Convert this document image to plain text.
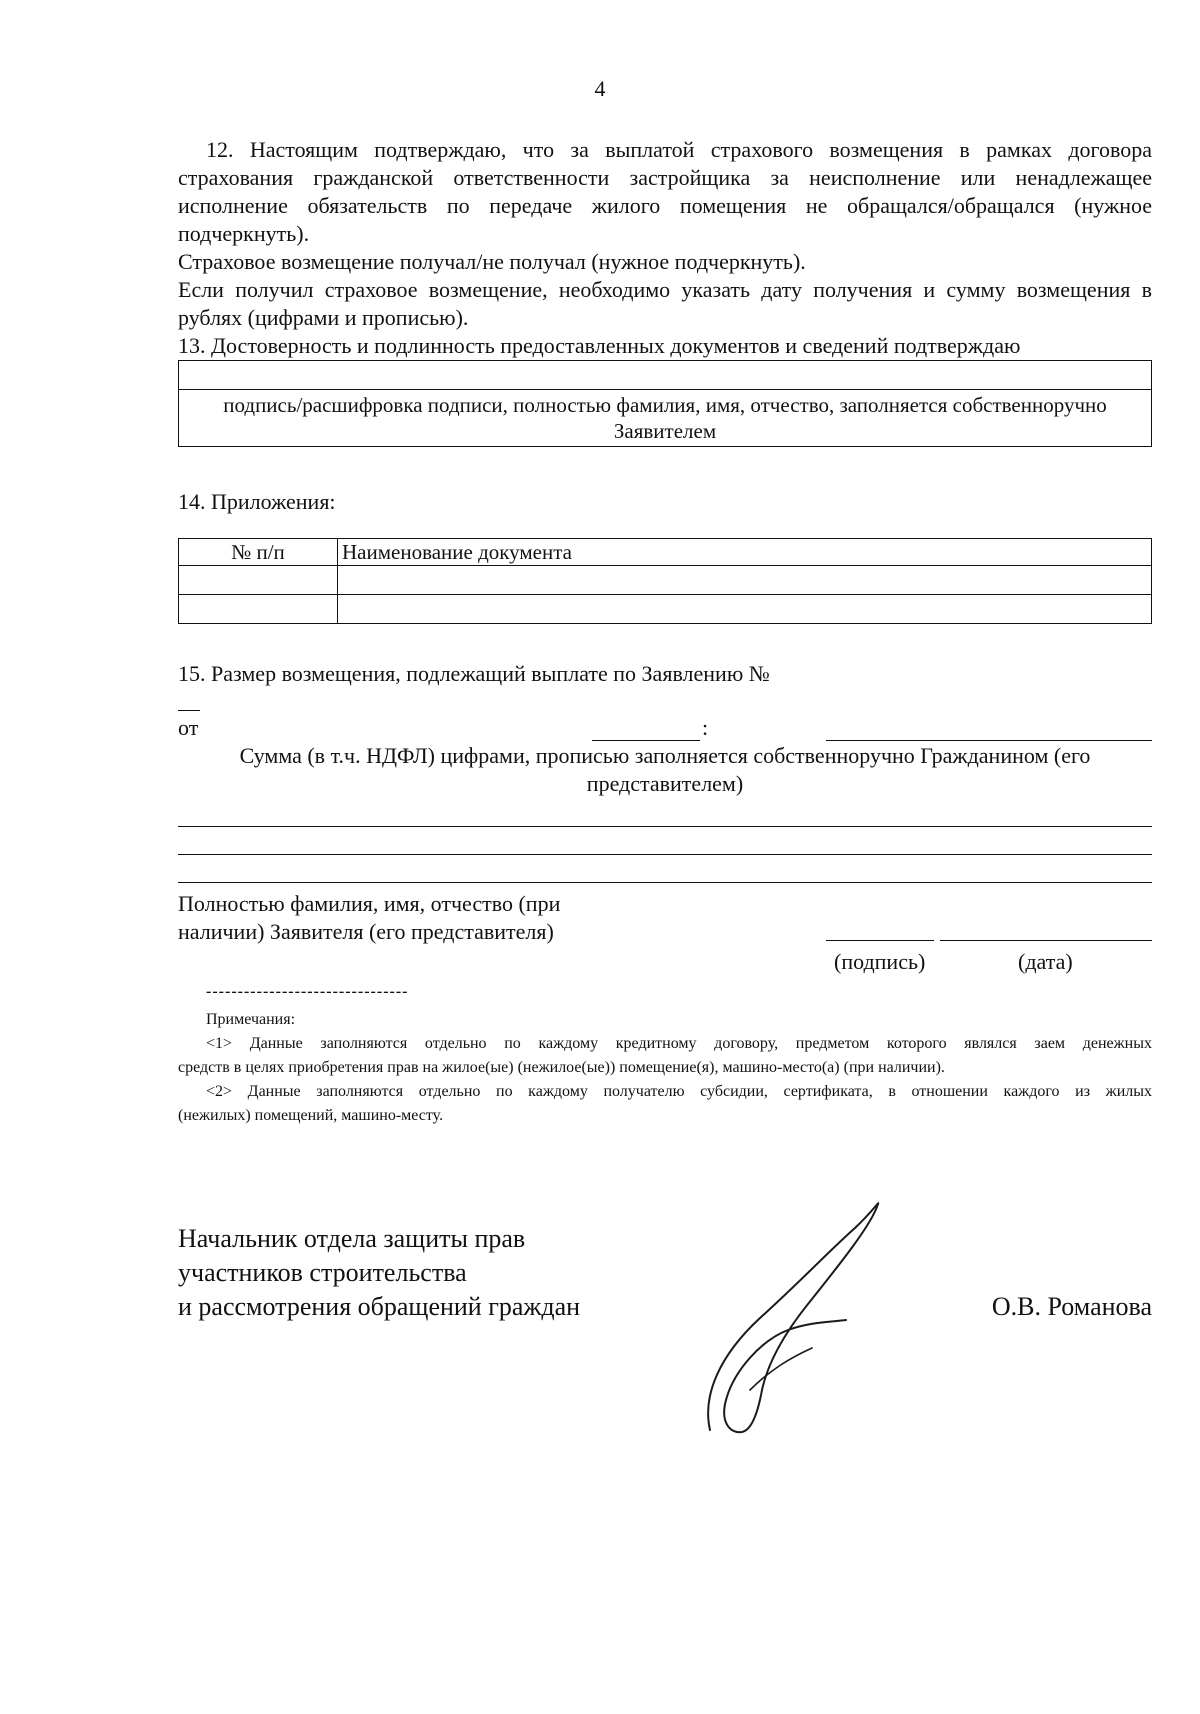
4
12. Настоящим подтверждаю, что за выплатой страхового возмещения в рамках договора
страхования гражданской ответственности застройщика за неисполнение или ненадлежащее
исполнение обязательств по передаче жилого помещения не обращался/обращался (нужное
подчеркнуть).
Страховое возмещение получал/не получал (нужное подчеркнуть).
Если получил страховое возмещение, необходимо указать дату получения и сумму возмещения в
рублях (цифрами и прописью).
13. Достоверность и подлинность предоставленных документов и сведений подтверждаю

подпись/расшифровка подписи, полностью фамилия, имя, отчество, заполняется собственноручно
Заявителем
14. Приложения:
№ п/п	Наименование документа

15. Размер возмещения, подлежащий выплате по Заявлению №
от	:
Сумма (в т.ч. НДФЛ) цифрами, прописью заполняется собственноручно Гражданином (его
представителем)
Полностью фамилия, имя, отчество (при
наличии) Заявителя (его представителя)
(подпись)	(дата)
--------------------------------
Примечания:
<1> Данные заполняются отдельно по каждому кредитному договору, предметом которого являлся заем денежных
средств в целях приобретения прав на жилое(ые) (нежилое(ые)) помещение(я), машино-место(а) (при наличии).
<2> Данные заполняются отдельно по каждому получателю субсидии, сертификата, в отношении каждого из жилых
(нежилых) помещений, машино-месту.
Начальник отдела защиты прав
участников строительства
и рассмотрения обращений граждан	О.В. Романова
